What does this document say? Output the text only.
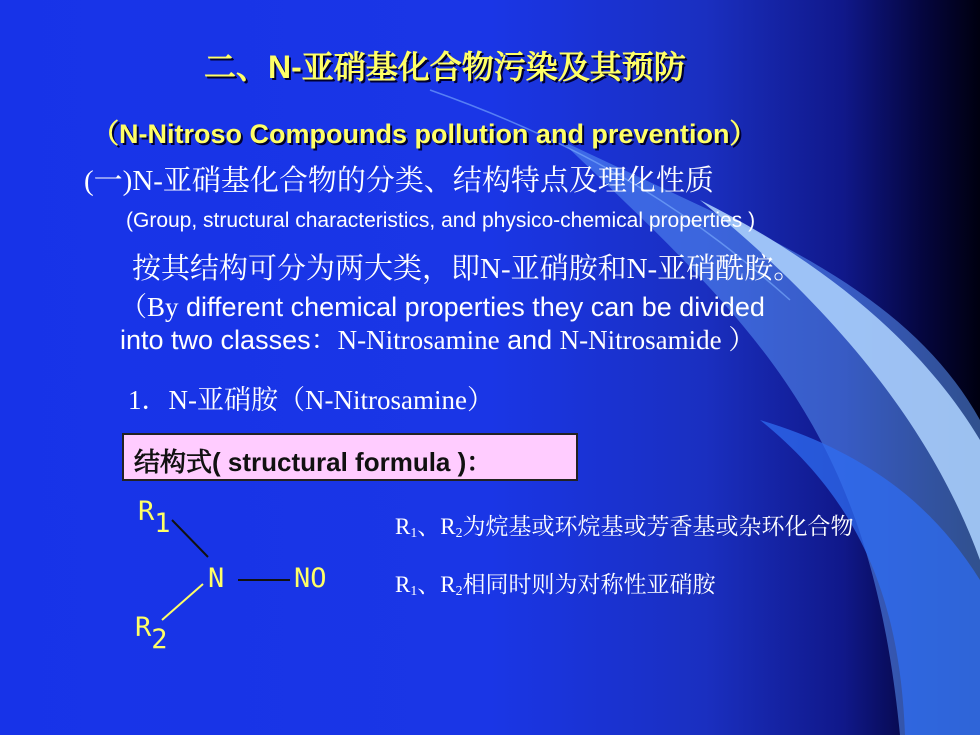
二、N-亚硝基化合物污染及其预防
（N-Nitroso Compounds pollution and prevention）
(一)N-亚硝基化合物的分类、结构特点及理化性质
(Group, structural characteristics, and physico-chemical properties )
按其结构可分为两大类，即N-亚硝胺和N-亚硝酰胺。
（By different chemical properties they can be divided
into two classes：N-Nitrosamine and N-Nitrosamide ）
1．N-亚硝胺（N-Nitrosamine）
结构式( structural formula )：
R1
N	NO
R2
$R_1$、$R_2$为烷基或环烷基或芳香基或杂环化合物
$R_1$、$R_2$相同时则为对称性亚硝胺
